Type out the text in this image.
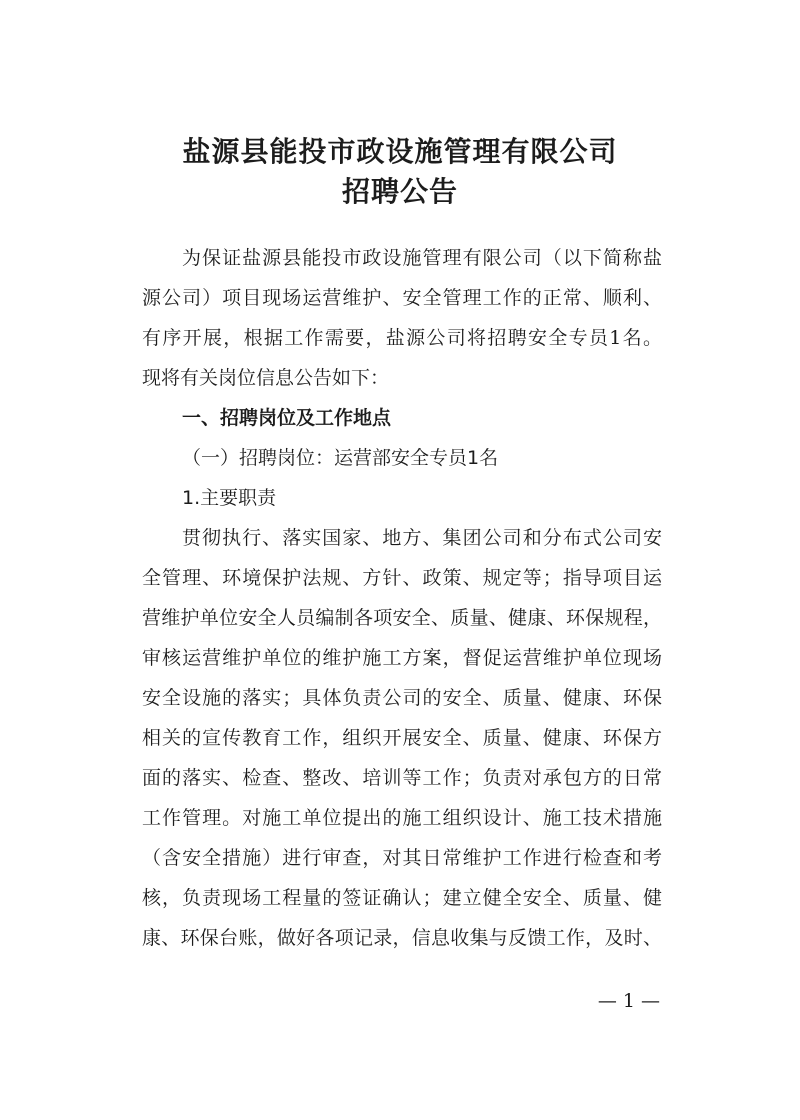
盐源县能投市政设施管理有限公司
招聘公告
为保证盐源县能投市政设施管理有限公司（以下简称盐
源公司）项目现场运营维护、安全管理工作的正常、顺利、
有序开展，根据工作需要，盐源公司将招聘安全专员1名。
现将有关岗位信息公告如下：
一、招聘岗位及工作地点
（一）招聘岗位：运营部安全专员1名
1.主要职责
贯彻执行、落实国家、地方、集团公司和分布式公司安
全管理、环境保护法规、方针、政策、规定等；指导项目运
营维护单位安全人员编制各项安全、质量、健康、环保规程，
审核运营维护单位的维护施工方案，督促运营维护单位现场
安全设施的落实；具体负责公司的安全、质量、健康、环保
相关的宣传教育工作，组织开展安全、质量、健康、环保方
面的落实、检查、整改、培训等工作；负责对承包方的日常
工作管理。对施工单位提出的施工组织设计、施工技术措施
（含安全措施）进行审查，对其日常维护工作进行检查和考
核，负责现场工程量的签证确认；建立健全安全、质量、健
康、环保台账，做好各项记录，信息收集与反馈工作，及时、
— 1 —
